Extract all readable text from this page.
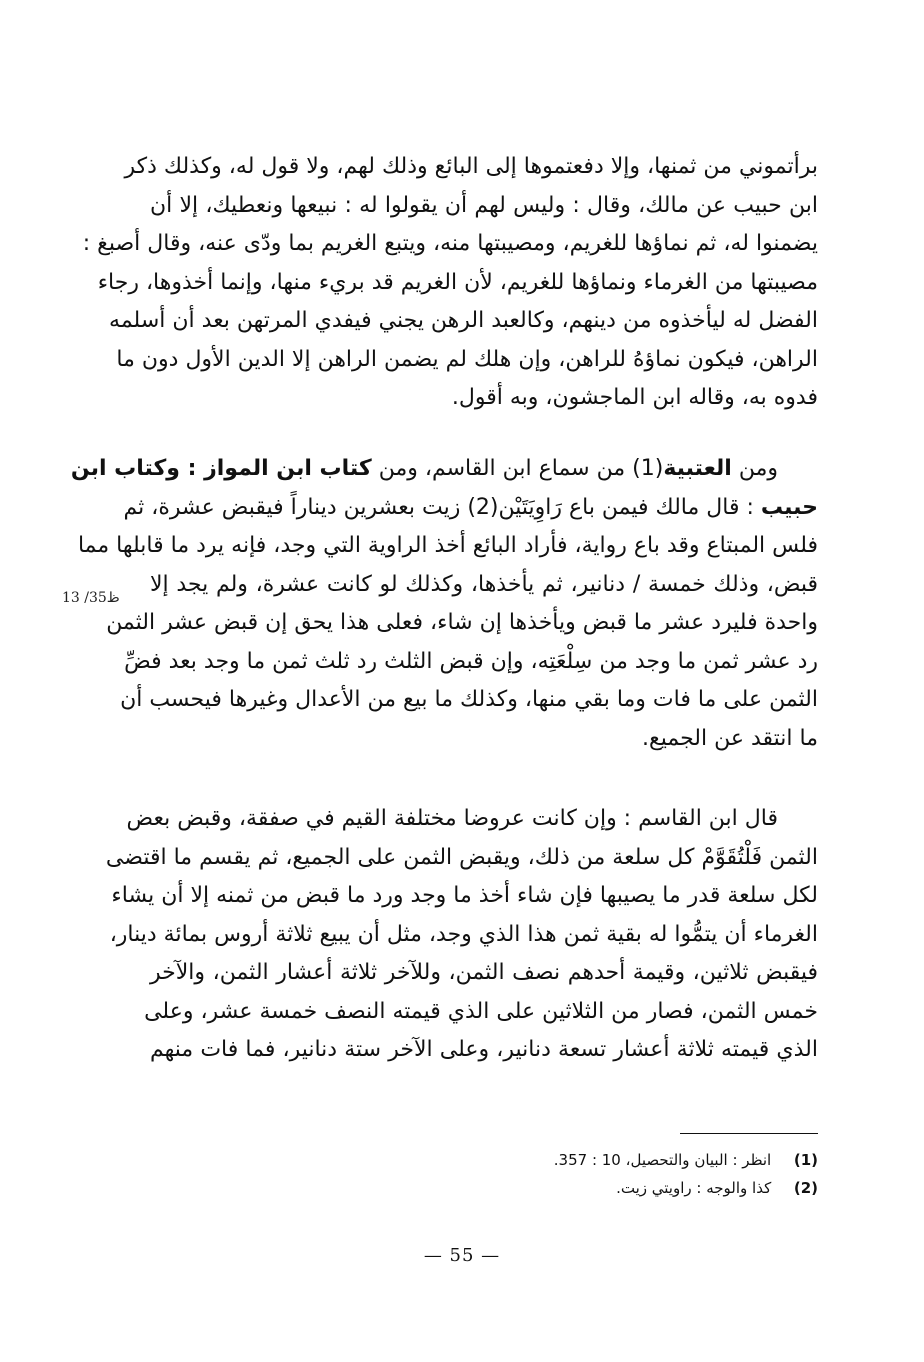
برأتموني من ثمنها، وإلا دفعتموها إلى البائع وذلك لهم، ولا قول له، وكذلك ذكر
ابن حبيب عن مالك، وقال : وليس لهم أن يقولوا له : نبيعها ونعطيك، إلا أن
يضمنوا له، ثم نماؤها للغريم، ومصيبتها منه، ويتبع الغريم بما ودّى عنه، وقال أصبغ :
مصيبتها من الغرماء ونماؤها للغريم، لأن الغريم قد بريء منها، وإنما أخذوها، رجاء
الفضل له ليأخذوه من دينهم، وكالعبد الرهن يجني فيفدي المرتهن بعد أن أسلمه
الراهن، فيكون نماؤهُ للراهن، وإن هلك لم يضمن الراهن إلا الدين الأول دون ما
فدوه به، وقاله ابن الماجشون، وبه أقول.
ومن العتبية(1) من سماع ابن القاسم، ومن كتاب ابن المواز : وكتاب ابن
حبيب : قال مالك فيمن باع رَاوِيَتَيْن(2) زيت بعشرين ديناراً فيقبض عشرة، ثم
فلس المبتاع وقد باع رواية، فأراد البائع أخذ الراوية التي وجد، فإنه يرد ما قابلها مما
قبض، وذلك خمسة / دنانير، ثم يأخذها، وكذلك لو كانت عشرة، ولم يجد إلا
واحدة فليرد عشر ما قبض ويأخذها إن شاء، فعلى هذا يحق إن قبض عشر الثمن
رد عشر ثمن ما وجد من سِلْعَتِه، وإن قبض الثلث رد ثلث ثمن ما وجد بعد فضِّ
الثمن على ما فات وما بقي منها، وكذلك ما بيع من الأعدال وغيرها فيحسب أن
ما انتقد عن الجميع.
13 /35ظ
قال ابن القاسم : وإن كانت عروضا مختلفة القيم في صفقة، وقبض بعض
الثمن فَلْتُقَوَّمْ كل سلعة من ذلك، ويقبض الثمن على الجميع، ثم يقسم ما اقتضى
لكل سلعة قدر ما يصيبها فإن شاء أخذ ما وجد ورد ما قبض من ثمنه إلا أن يشاء
الغرماء أن يتمُّوا له بقية ثمن هذا الذي وجد، مثل أن يبيع ثلاثة أروس بمائة دينار،
فيقبض ثلاثين، وقيمة أحدهم نصف الثمن، وللآخر ثلاثة أعشار الثمن، والآخر
خمس الثمن، فصار من الثلاثين على الذي قيمته النصف خمسة عشر، وعلى
الذي قيمته ثلاثة أعشار تسعة دنانير، وعلى الآخر ستة دنانير، فما فات منهم
(1) انظر : البيان والتحصيل، 10 : 357.
(2) كذا والوجه : راويتي زيت.
— 55 —
